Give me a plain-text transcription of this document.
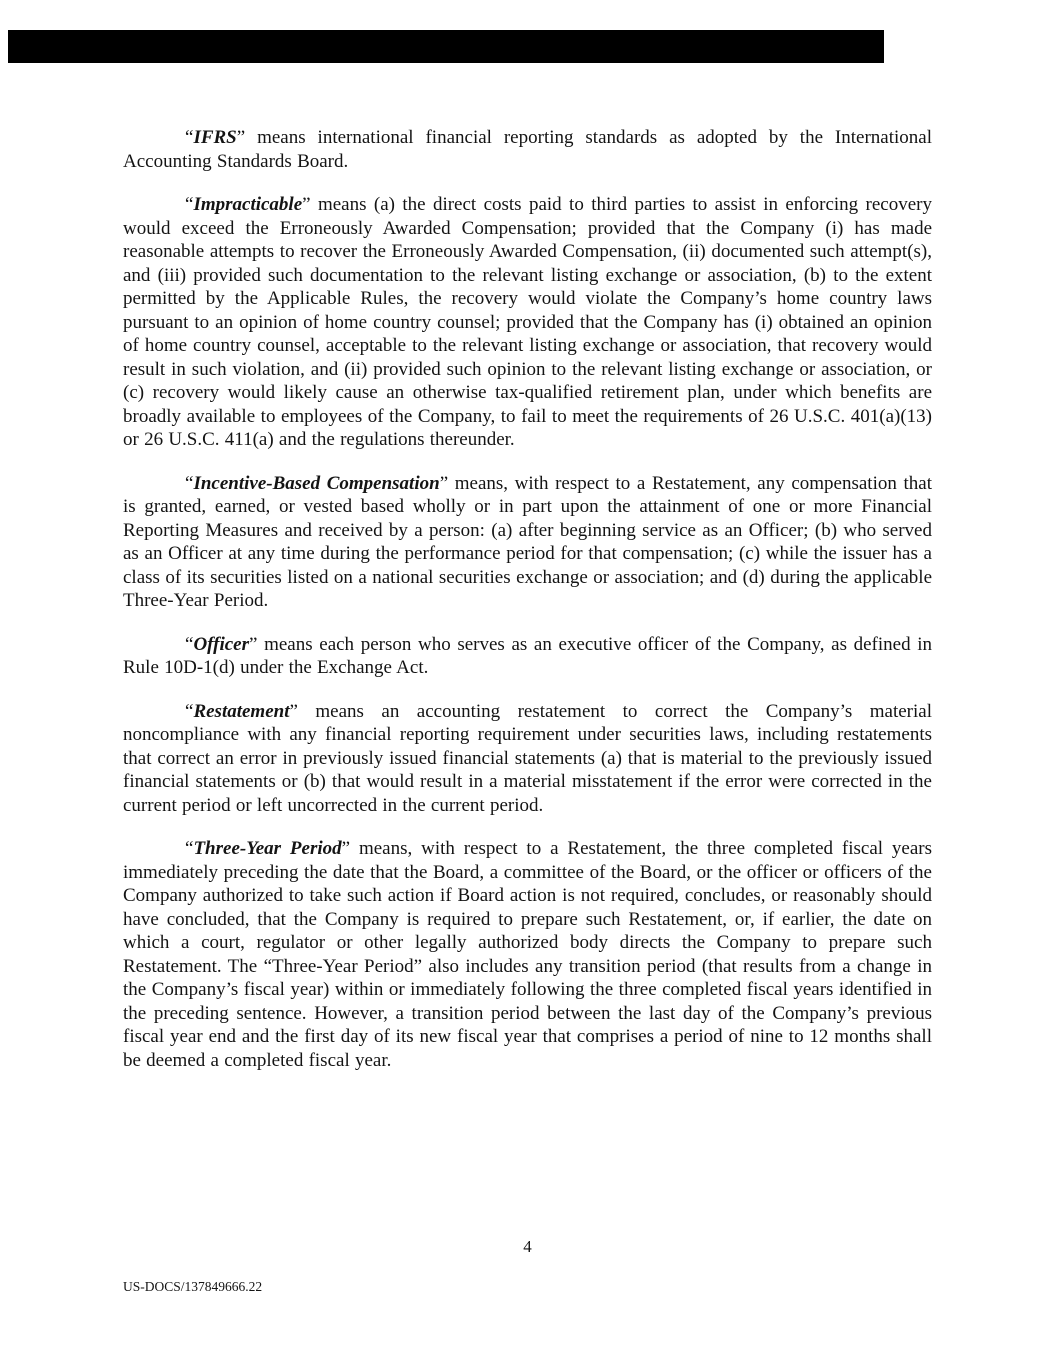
“IFRS” means international financial reporting standards as adopted by the International Accounting Standards Board.

“Impracticable” means (a) the direct costs paid to third parties to assist in enforcing recovery would exceed the Erroneously Awarded Compensation; provided that the Company (i) has made reasonable attempts to recover the Erroneously Awarded Compensation, (ii) documented such attempt(s), and (iii) provided such documentation to the relevant listing exchange or association, (b) to the extent permitted by the Applicable Rules, the recovery would violate the Company’s home country laws pursuant to an opinion of home country counsel; provided that the Company has (i) obtained an opinion of home country counsel, acceptable to the relevant listing exchange or association, that recovery would result in such violation, and (ii) provided such opinion to the relevant listing exchange or association, or (c) recovery would likely cause an otherwise tax-qualified retirement plan, under which benefits are broadly available to employees of the Company, to fail to meet the requirements of 26 U.S.C. 401(a)(13) or 26 U.S.C. 411(a) and the regulations thereunder.

“Incentive-Based Compensation” means, with respect to a Restatement, any compensation that is granted, earned, or vested based wholly or in part upon the attainment of one or more Financial Reporting Measures and received by a person: (a) after beginning service as an Officer; (b) who served as an Officer at any time during the performance period for that compensation; (c) while the issuer has a class of its securities listed on a national securities exchange or association; and (d) during the applicable Three-Year Period.

“Officer” means each person who serves as an executive officer of the Company, as defined in Rule 10D-1(d) under the Exchange Act.

“Restatement” means an accounting restatement to correct the Company’s material noncompliance with any financial reporting requirement under securities laws, including restatements that correct an error in previously issued financial statements (a) that is material to the previously issued financial statements or (b) that would result in a material misstatement if the error were corrected in the current period or left uncorrected in the current period.

“Three-Year Period” means, with respect to a Restatement, the three completed fiscal years immediately preceding the date that the Board, a committee of the Board, or the officer or officers of the Company authorized to take such action if Board action is not required, concludes, or reasonably should have concluded, that the Company is required to prepare such Restatement, or, if earlier, the date on which a court, regulator or other legally authorized body directs the Company to prepare such Restatement. The “Three-Year Period” also includes any transition period (that results from a change in the Company’s fiscal year) within or immediately following the three completed fiscal years identified in the preceding sentence. However, a transition period between the last day of the Company’s previous fiscal year end and the first day of its new fiscal year that comprises a period of nine to 12 months shall be deemed a completed fiscal year.

4
US-DOCS/137849666.22
